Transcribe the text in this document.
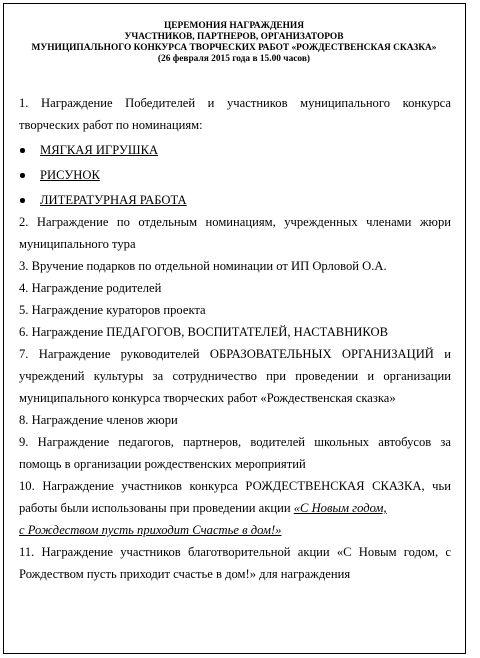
ЦЕРЕМОНИЯ НАГРАЖДЕНИЯ
УЧАСТНИКОВ, ПАРТНЕРОВ, ОРГАНИЗАТОРОВ
МУНИЦИПАЛЬНОГО КОНКУРСА ТВОРЧЕСКИХ РАБОТ «РОЖДЕСТВЕНСКАЯ СКАЗКА»
(26 февраля 2015 года в 15.00 часов)

1. Награждение Победителей и участников муниципального конкурса

творческих работ по номинациям:

МЯГКАЯ ИГРУШКА
РИСУНОК
ЛИТЕРАТУРНАЯ РАБОТА

2. Награждение по отдельным номинациям, учрежденных членами жюри

муниципального тура

3. Вручение подарков по отдельной номинации от ИП Орловой О.А.

4. Награждение родителей

5. Награждение кураторов проекта

6. Награждение ПЕДАГОГОВ, ВОСПИТАТЕЛЕЙ, НАСТАВНИКОВ

7. Награждение руководителей ОБРАЗОВАТЕЛЬНЫХ ОРГАНИЗАЦИЙ и

учреждений культуры за сотрудничество при проведении и организации

муниципального конкурса творческих работ «Рождественская сказка»

8. Награждение членов жюри

9. Награждение педагогов, партнеров, водителей школьных автобусов за

помощь в организации рождественских мероприятий

10. Награждение участников конкурса РОЖДЕСТВЕНСКАЯ СКАЗКА, чьи

работы были использованы при проведении акции «С Новым годом,

с Рождеством пусть приходит Счастье в дом!»

11. Награждение участников благотворительной акции «С Новым годом, с

Рождеством пусть приходит счастье в дом!» для награждения
